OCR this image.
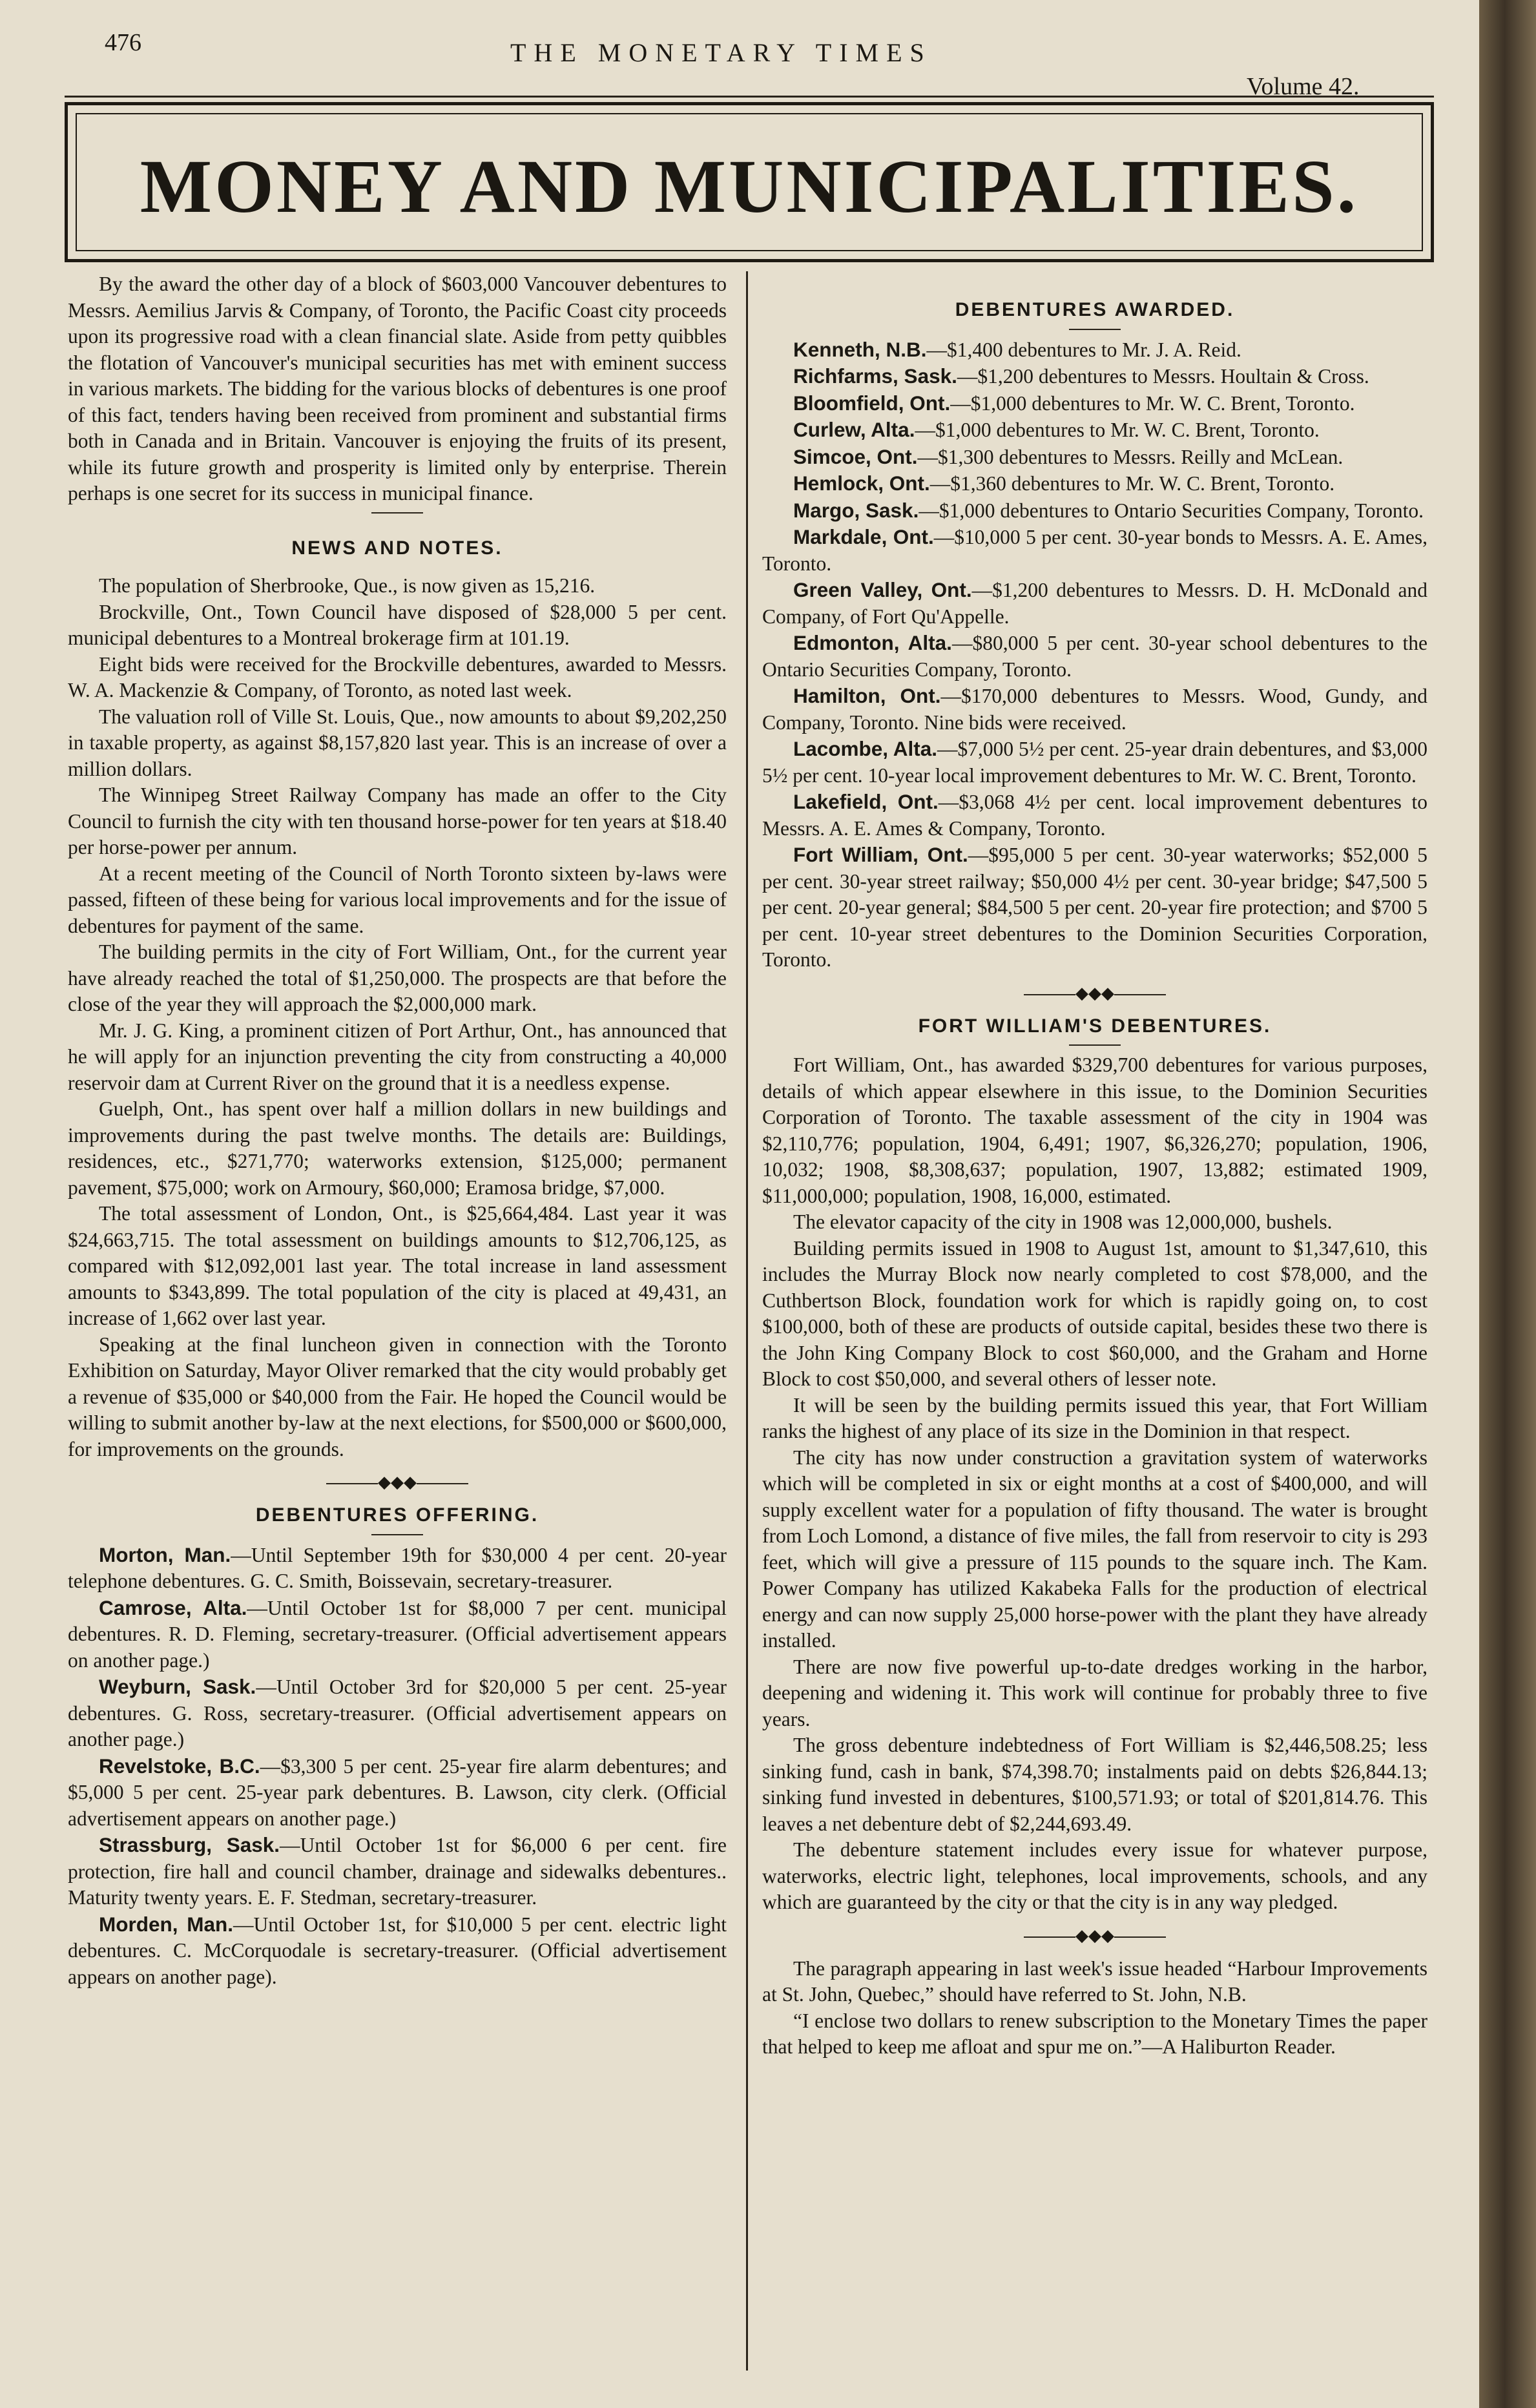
476	THE MONETARY TIMES
Volume 42.
MONEY AND MUNICIPALITIES.

By the award the other day of a block of $603,000 Vancouver debentures to Messrs. Aemilius Jarvis & Company, of Toronto, the Pacific Coast city proceeds upon its progressive road with a clean financial slate. Aside from petty quibbles the flotation of Vancouver's municipal securities has met with eminent success in various markets. The bidding for the various blocks of debentures is one proof of this fact, tenders having been received from prominent and substantial firms both in Canada and in Britain. Vancouver is enjoying the fruits of its present, while its future growth and prosperity is limited only by enterprise. Therein perhaps is one secret for its success in municipal finance.

NEWS AND NOTES.

The population of Sherbrooke, Que., is now given as 15,216.

Brockville, Ont., Town Council have disposed of $28,000 5 per cent. municipal debentures to a Montreal brokerage firm at 101.19.

Eight bids were received for the Brockville debentures, awarded to Messrs. W. A. Mackenzie & Company, of Toronto, as noted last week.

The valuation roll of Ville St. Louis, Que., now amounts to about $9,202,250 in taxable property, as against $8,157,820 last year. This is an increase of over a million dollars.

The Winnipeg Street Railway Company has made an offer to the City Council to furnish the city with ten thousand horse-power for ten years at $18.40 per horse-power per annum.

At a recent meeting of the Council of North Toronto sixteen by-laws were passed, fifteen of these being for various local improvements and for the issue of debentures for payment of the same.

The building permits in the city of Fort William, Ont., for the current year have already reached the total of $1,250,000. The prospects are that before the close of the year they will approach the $2,000,000 mark.

Mr. J. G. King, a prominent citizen of Port Arthur, Ont., has announced that he will apply for an injunction preventing the city from constructing a 40,000 reservoir dam at Current River on the ground that it is a needless expense.

Guelph, Ont., has spent over half a million dollars in new buildings and improvements during the past twelve months. The details are: Buildings, residences, etc., $271,770; waterworks extension, $125,000; permanent pavement, $75,000; work on Armoury, $60,000; Eramosa bridge, $7,000.

The total assessment of London, Ont., is $25,664,484. Last year it was $24,663,715. The total assessment on buildings amounts to $12,706,125, as compared with $12,092,001 last year. The total increase in land assessment amounts to $343,899. The total population of the city is placed at 49,431, an increase of 1,662 over last year.

Speaking at the final luncheon given in connection with the Toronto Exhibition on Saturday, Mayor Oliver remarked that the city would probably get a revenue of $35,000 or $40,000 from the Fair. He hoped the Council would be willing to submit another by-law at the next elections, for $500,000 or $600,000, for improvements on the grounds.

◆◆◆
DEBENTURES OFFERING.

Morton, Man.—Until September 19th for $30,000 4 per cent. 20-year telephone debentures. G. C. Smith, Boissevain, secretary-treasurer.

Camrose, Alta.—Until October 1st for $8,000 7 per cent. municipal debentures. R. D. Fleming, secretary-treasurer. (Official advertisement appears on another page.)

Weyburn, Sask.—Until October 3rd for $20,000 5 per cent. 25-year debentures. G. Ross, secretary-treasurer. (Official advertisement appears on another page.)

Revelstoke, B.C.—$3,300 5 per cent. 25-year fire alarm debentures; and $5,000 5 per cent. 25-year park debentures. B. Lawson, city clerk. (Official advertisement appears on another page.)

Strassburg, Sask.—Until October 1st for $6,000 6 per cent. fire protection, fire hall and council chamber, drainage and sidewalks debentures.. Maturity twenty years. E. F. Stedman, secretary-treasurer.

Morden, Man.—Until October 1st, for $10,000 5 per cent. electric light debentures. C. McCorquodale is secretary-treasurer. (Official advertisement appears on another page).

DEBENTURES AWARDED.

Kenneth, N.B.—$1,400 debentures to Mr. J. A. Reid.

Richfarms, Sask.—$1,200 debentures to Messrs. Houltain & Cross.

Bloomfield, Ont.—$1,000 debentures to Mr. W. C. Brent, Toronto.

Curlew, Alta.—$1,000 debentures to Mr. W. C. Brent, Toronto.

Simcoe, Ont.—$1,300 debentures to Messrs. Reilly and McLean.

Hemlock, Ont.—$1,360 debentures to Mr. W. C. Brent, Toronto.

Margo, Sask.—$1,000 debentures to Ontario Securities Company, Toronto.

Markdale, Ont.—$10,000 5 per cent. 30-year bonds to Messrs. A. E. Ames, Toronto.

Green Valley, Ont.—$1,200 debentures to Messrs. D. H. McDonald and Company, of Fort Qu'Appelle.

Edmonton, Alta.—$80,000 5 per cent. 30-year school debentures to the Ontario Securities Company, Toronto.

Hamilton, Ont.—$170,000 debentures to Messrs. Wood, Gundy, and Company, Toronto. Nine bids were received.

Lacombe, Alta.—$7,000 5½ per cent. 25-year drain debentures, and $3,000 5½ per cent. 10-year local improvement debentures to Mr. W. C. Brent, Toronto.

Lakefield, Ont.—$3,068 4½ per cent. local improvement debentures to Messrs. A. E. Ames & Company, Toronto.

Fort William, Ont.—$95,000 5 per cent. 30-year waterworks; $52,000 5 per cent. 30-year street railway; $50,000 4½ per cent. 30-year bridge; $47,500 5 per cent. 20-year general; $84,500 5 per cent. 20-year fire protection; and $700 5 per cent. 10-year street debentures to the Dominion Securities Corporation, Toronto.

◆◆◆
FORT WILLIAM'S DEBENTURES.

Fort William, Ont., has awarded $329,700 debentures for various purposes, details of which appear elsewhere in this issue, to the Dominion Securities Corporation of Toronto. The taxable assessment of the city in 1904 was $2,110,776; population, 1904, 6,491; 1907, $6,326,270; population, 1906, 10,032; 1908, $8,308,637; population, 1907, 13,882; estimated 1909, $11,000,000; population, 1908, 16,000, estimated.

The elevator capacity of the city in 1908 was 12,000,000, bushels.

Building permits issued in 1908 to August 1st, amount to $1,347,610, this includes the Murray Block now nearly completed to cost $78,000, and the Cuthbertson Block, foundation work for which is rapidly going on, to cost $100,000, both of these are products of outside capital, besides these two there is the John King Company Block to cost $60,000, and the Graham and Horne Block to cost $50,000, and several others of lesser note.

It will be seen by the building permits issued this year, that Fort William ranks the highest of any place of its size in the Dominion in that respect.

The city has now under construction a gravitation system of waterworks which will be completed in six or eight months at a cost of $400,000, and will supply excellent water for a population of fifty thousand. The water is brought from Loch Lomond, a distance of five miles, the fall from reservoir to city is 293 feet, which will give a pressure of 115 pounds to the square inch. The Kam. Power Company has utilized Kakabeka Falls for the production of electrical energy and can now supply 25,000 horse-power with the plant they have already installed.

There are now five powerful up-to-date dredges working in the harbor, deepening and widening it. This work will continue for probably three to five years.

The gross debenture indebtedness of Fort William is $2,446,508.25; less sinking fund, cash in bank, $74,398.70; instalments paid on debts $26,844.13; sinking fund invested in debentures, $100,571.93; or total of $201,814.76. This leaves a net debenture debt of $2,244,693.49.

The debenture statement includes every issue for whatever purpose, waterworks, electric light, telephones, local improvements, schools, and any which are guaranteed by the city or that the city is in any way pledged.

◆◆◆

The paragraph appearing in last week's issue headed “Harbour Improvements at St. John, Quebec,” should have referred to St. John, N.B.

“I enclose two dollars to renew subscription to the Monetary Times the paper that helped to keep me afloat and spur me on.”—A Haliburton Reader.
